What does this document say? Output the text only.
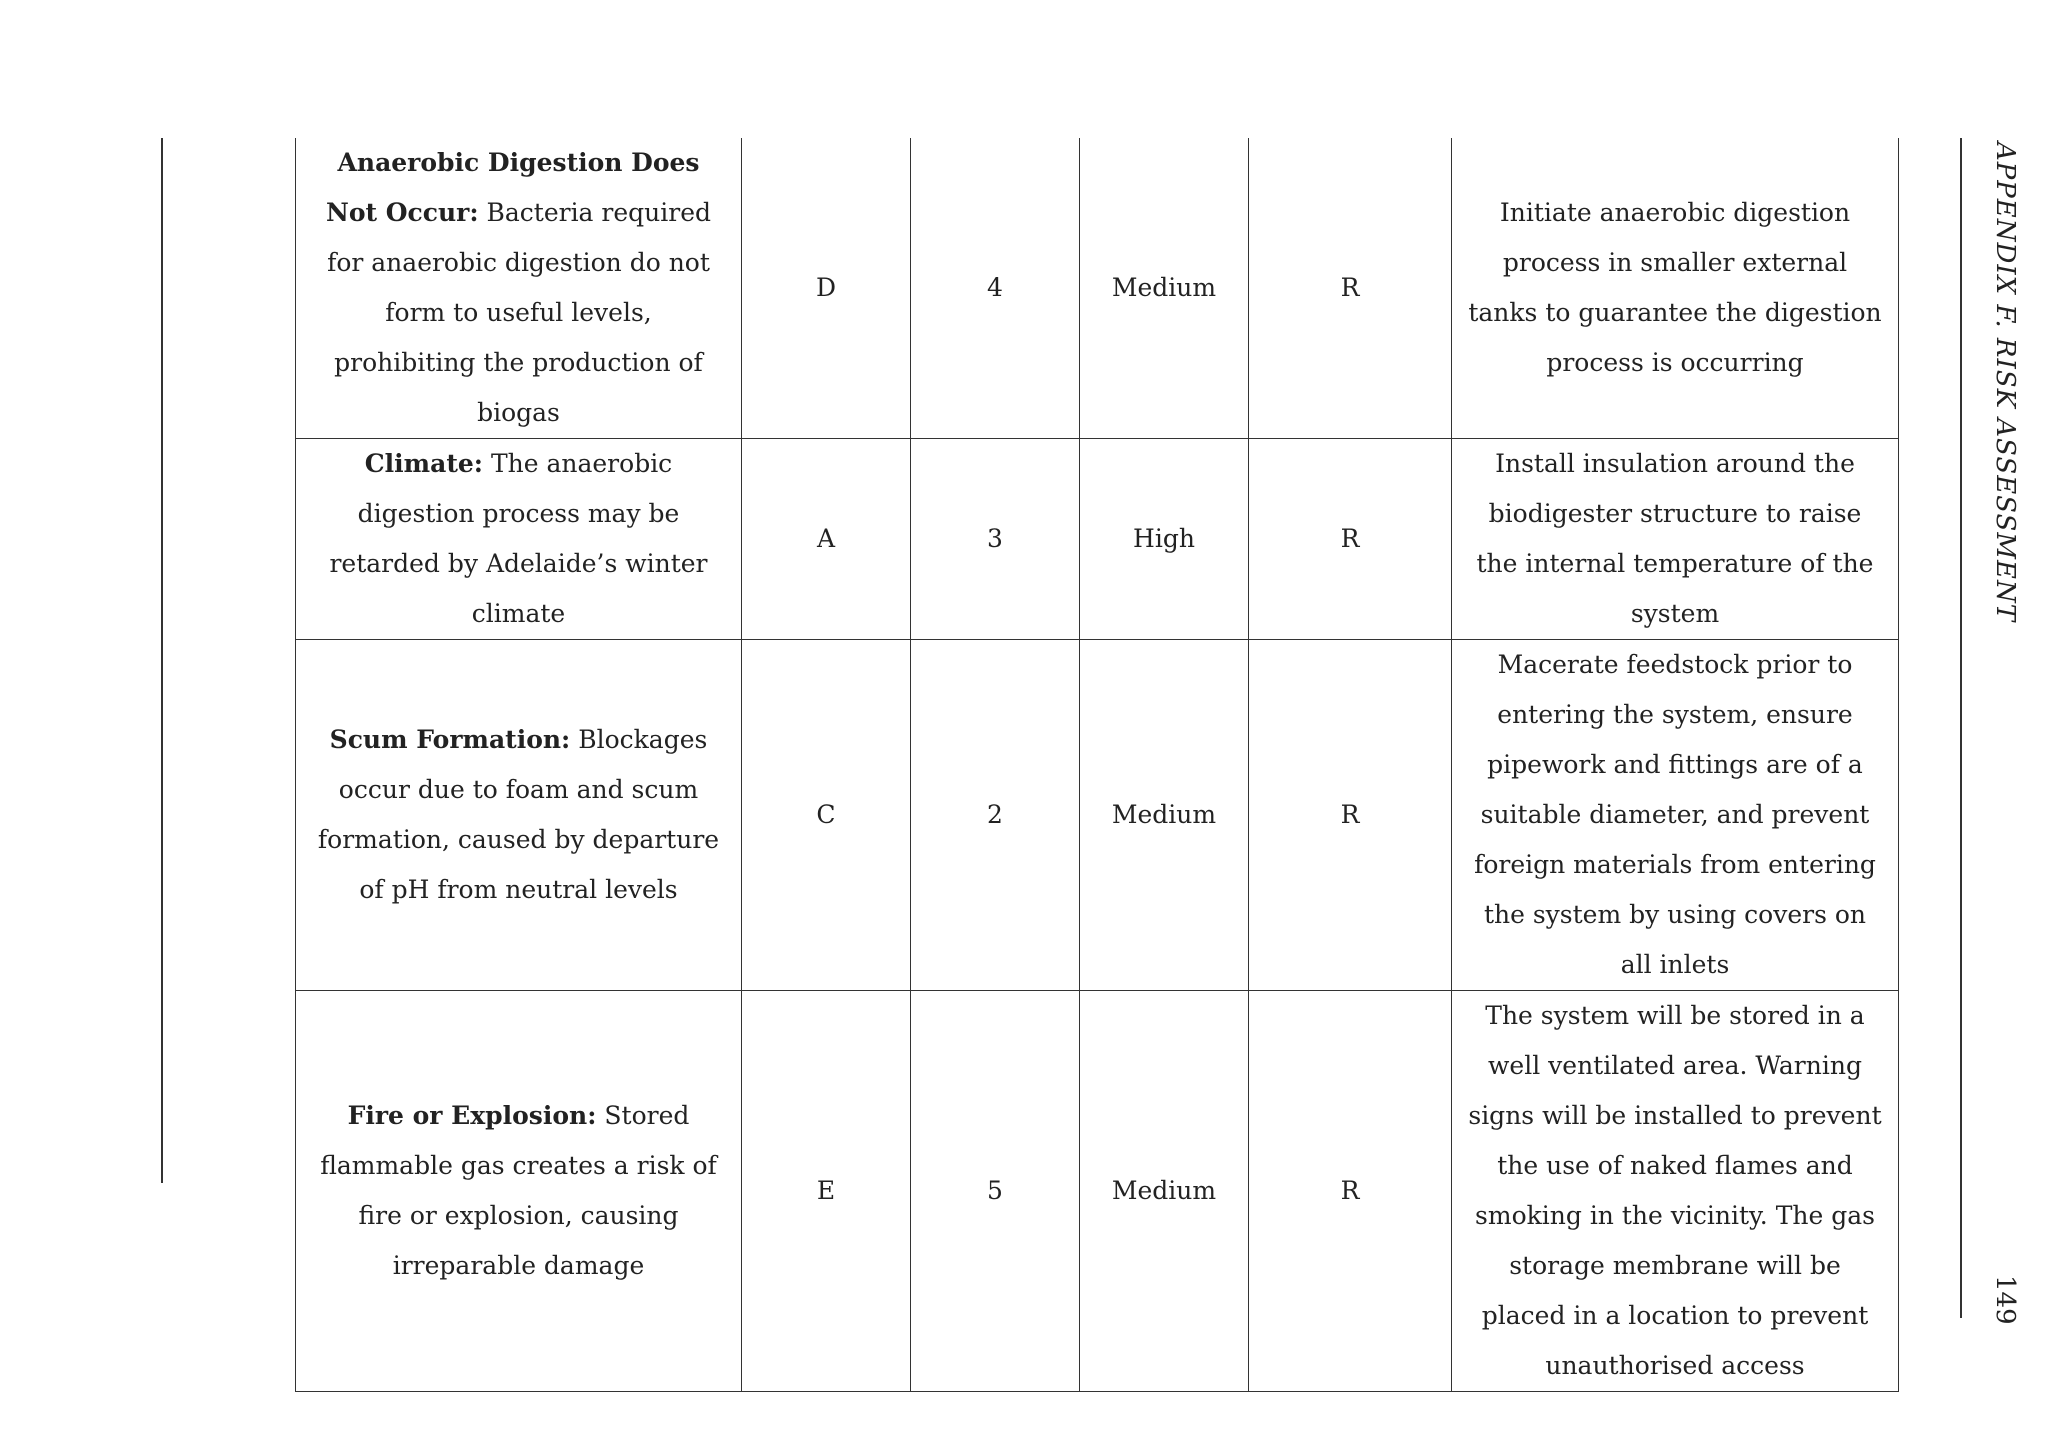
Anaerobic Digestion Does Not Occur: Bacteria required for anaerobic digestion do not form to useful levels, prohibiting the production of biogas	D	4	Medium	R	Initiate anaerobic digestion process in smaller external tanks to guarantee the digestion process is occurring
Climate: The anaerobic digestion process may be retarded by Adelaide’s winter climate	A	3	High	R	Install insulation around the biodigester structure to raise the internal temperature of the system
Scum Formation: Blockages occur due to foam and scum formation, caused by departure of pH from neutral levels	C	2	Medium	R	Macerate feedstock prior to entering the system, ensure pipework and fittings are of a suitable diameter, and prevent foreign materials from entering the system by using covers on all inlets
Fire or Explosion: Stored flammable gas creates a risk of fire or explosion, causing irreparable damage	E	5	Medium	R	The system will be stored in a well ventilated area. Warning signs will be installed to prevent the use of naked flames and smoking in the vicinity. The gas storage membrane will be placed in a location to prevent unauthorised access
APPENDIX F. RISK ASSESSMENT
149
